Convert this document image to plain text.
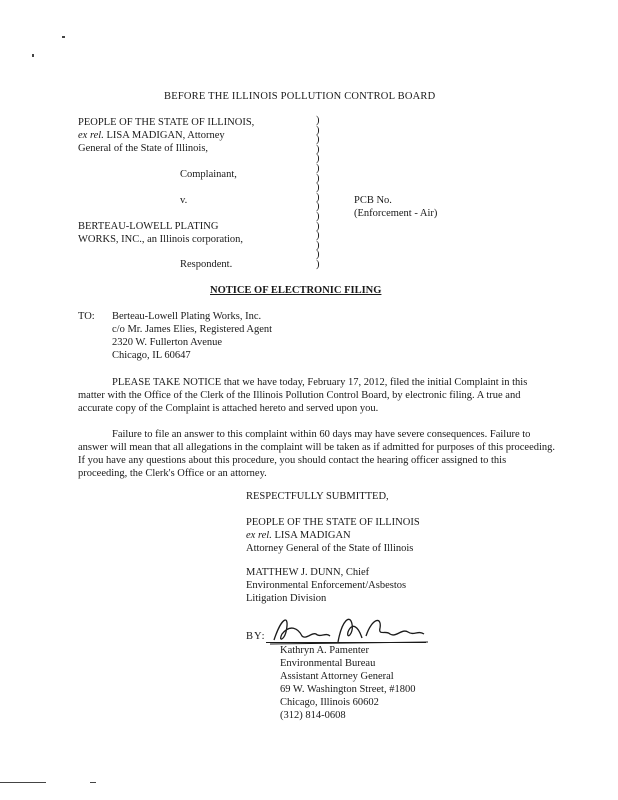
BEFORE THE ILLINOIS POLLUTION CONTROL BOARD
PEOPLE OF THE STATE OF ILLINOIS,
ex rel. LISA MADIGAN, Attorney
General of the State of Illinois,
Complainant,
v.
BERTEAU-LOWELL PLATING
WORKS, INC., an Illinois corporation,
Respondent.
)
)
)
)
)
)
)
)
)
)
)
)
)
)
)
)
PCB No.
(Enforcement - Air)
NOTICE OF ELECTRONIC FILING
TO: Berteau-Lowell Plating Works, Inc.
c/o Mr. James Elies, Registered Agent
2320 W. Fullerton Avenue
Chicago, IL 60647
PLEASE TAKE NOTICE that we have today, February 17, 2012, filed the initial Complaint in this matter with the Office of the Clerk of the Illinois Pollution Control Board, by electronic filing. A true and accurate copy of the Complaint is attached hereto and served upon you.
Failure to file an answer to this complaint within 60 days may have severe consequences. Failure to answer will mean that all allegations in the complaint will be taken as if admitted for purposes of this proceeding. If you have any questions about this procedure, you should contact the hearing officer assigned to this proceeding, the Clerk's Office or an attorney.
RESPECTFULLY SUBMITTED,
PEOPLE OF THE STATE OF ILLINOIS
ex rel. LISA MADIGAN
Attorney General of the State of Illinois
MATTHEW J. DUNN, Chief
Environmental Enforcement/Asbestos
Litigation Division
BY:
Kathryn A. Pamenter
Environmental Bureau
Assistant Attorney General
69 W. Washington Street, #1800
Chicago, Illinois 60602
(312) 814-0608
